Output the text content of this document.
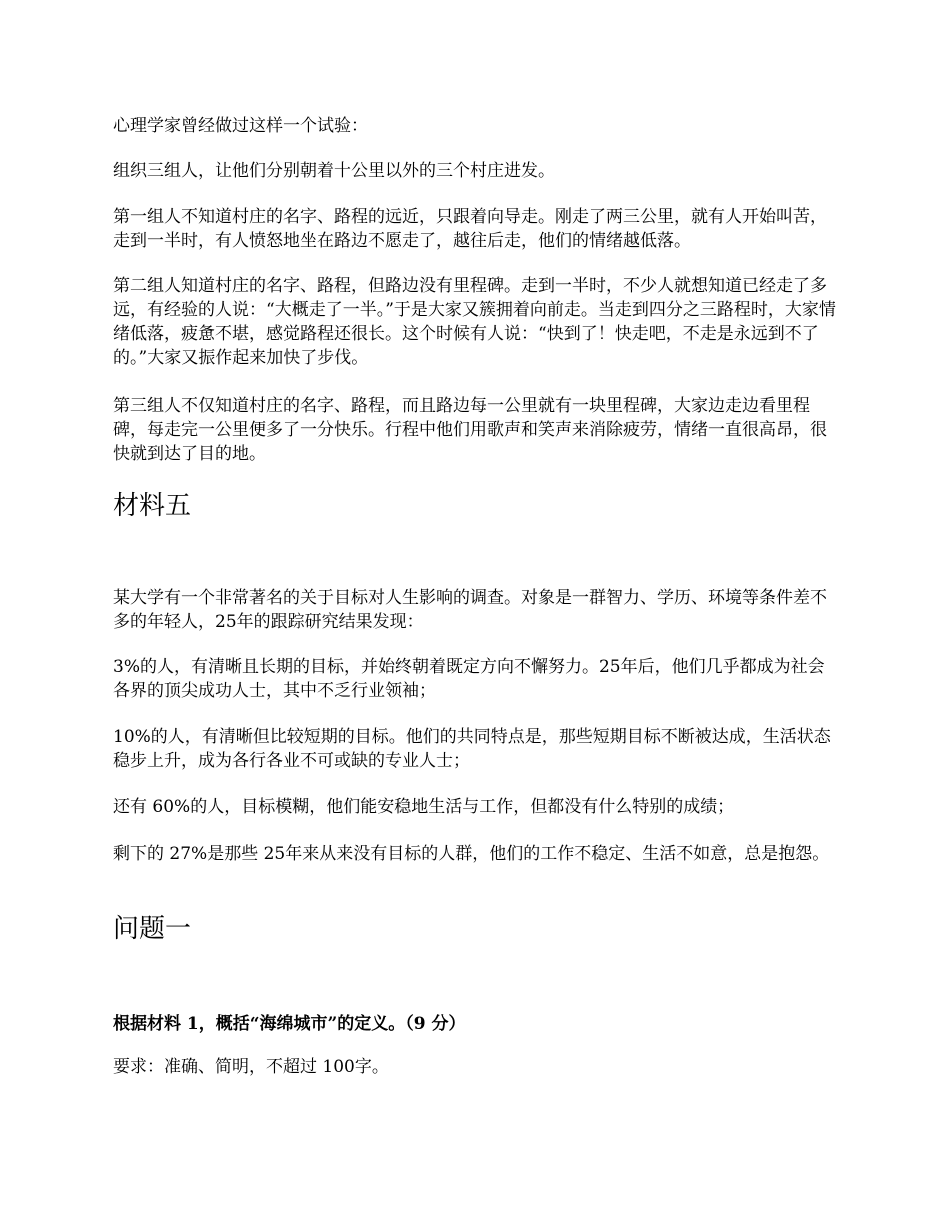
心理学家曾经做过这样一个试验：

组织三组人，让他们分别朝着十公里以外的三个村庄进发。

第一组人不知道村庄的名字、路程的远近，只跟着向导走。刚走了两三公里，就有人开始叫苦，走到一半时，有人愤怒地坐在路边不愿走了，越往后走，他们的情绪越低落。

第二组人知道村庄的名字、路程，但路边没有里程碑。走到一半时，不少人就想知道已经走了多远，有经验的人说：“大概走了一半。”于是大家又簇拥着向前走。当走到四分之三路程时，大家情绪低落，疲惫不堪，感觉路程还很长。这个时候有人说：“快到了！快走吧，不走是永远到不了的。”大家又振作起来加快了步伐。

第三组人不仅知道村庄的名字、路程，而且路边每一公里就有一块里程碑，大家边走边看里程碑，每走完一公里便多了一分快乐。行程中他们用歌声和笑声来消除疲劳，情绪一直很高昂，很快就到达了目的地。

材料五

某大学有一个非常著名的关于目标对人生影响的调查。对象是一群智力、学历、环境等条件差不多的年轻人，25年的跟踪研究结果发现：

3%的人，有清晰且长期的目标，并始终朝着既定方向不懈努力。25年后，他们几乎都成为社会各界的顶尖成功人士，其中不乏行业领袖；

10%的人，有清晰但比较短期的目标。他们的共同特点是，那些短期目标不断被达成，生活状态稳步上升，成为各行各业不可或缺的专业人士；

还有 60%的人，目标模糊，他们能安稳地生活与工作，但都没有什么特别的成绩；

剩下的 27%是那些 25年来从来没有目标的人群，他们的工作不稳定、生活不如意，总是抱怨。

问题一

根据材料 1，概括“海绵城市”的定义。（9 分）

要求：准确、简明，不超过 100字。
